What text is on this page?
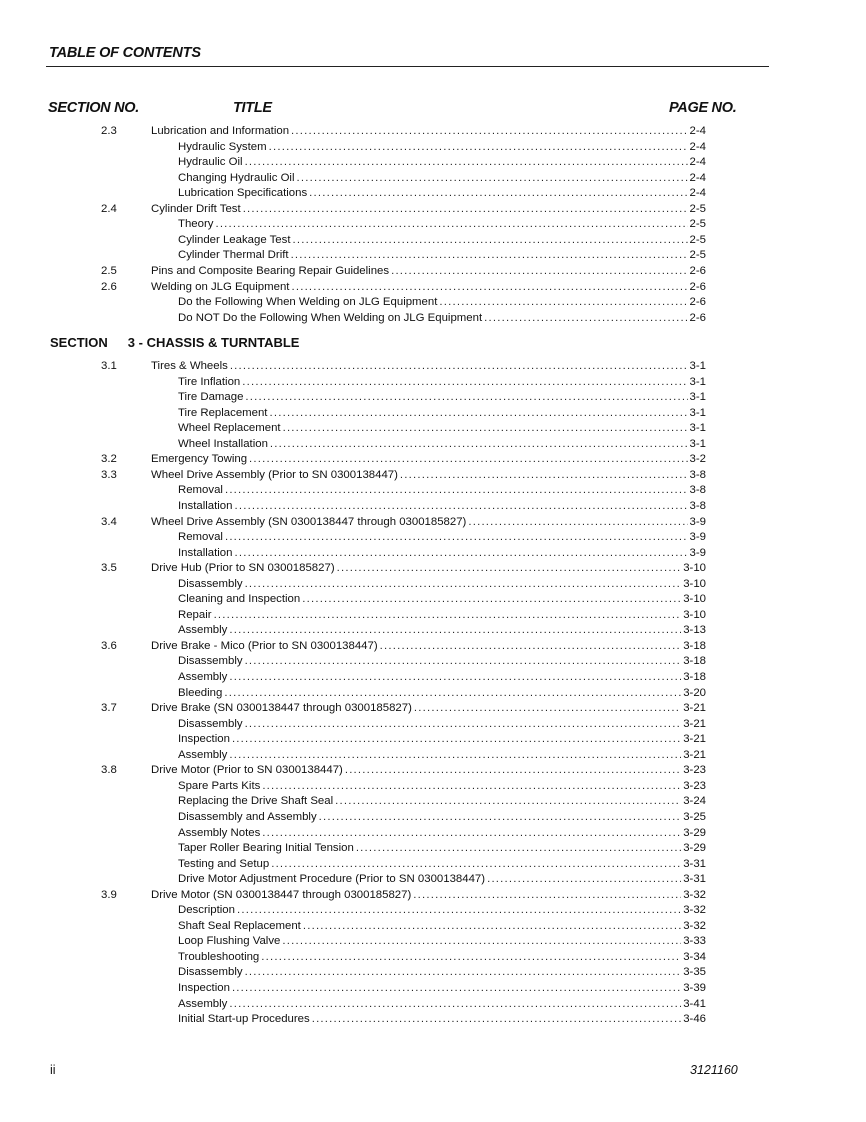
TABLE OF CONTENTS
SECTION NO.	TITLE	PAGE NO.
SECTION 3 - CHASSIS & TURNTABLE
2.3	Lubrication and Information .....	2-4
Hydraulic System .....	2-4
Hydraulic Oil .....	2-4
Changing Hydraulic Oil .....	2-4
Lubrication Specifications .....	2-4
2.4	Cylinder Drift Test .....	2-5
Theory .....	2-5
Cylinder Leakage Test .....	2-5
Cylinder Thermal Drift .....	2-5
2.5	Pins and Composite Bearing Repair Guidelines .....	2-6
2.6	Welding on JLG Equipment .....	2-6
Do the Following When Welding on JLG Equipment .....	2-6
Do NOT Do the Following When Welding on JLG Equipment .....	2-6
3.1	Tires & Wheels .....	3-1
Tire Inflation .....	3-1
Tire Damage .....	3-1
Tire Replacement .....	3-1
Wheel Replacement .....	3-1
Wheel Installation .....	3-1
3.2	Emergency Towing .....	3-2
3.3	Wheel Drive Assembly (Prior to SN 0300138447) .....	3-8
Removal .....	3-8
Installation .....	3-8
3.4	Wheel Drive Assembly (SN 0300138447 through 0300185827) .....	3-9
Removal .....	3-9
Installation .....	3-9
3.5	Drive Hub (Prior to SN 0300185827) .....	3-10
Disassembly .....	3-10
Cleaning and Inspection .....	3-10
Repair .....	3-10
Assembly .....	3-13
3.6	Drive Brake - Mico (Prior to SN 0300138447) .....	3-18
Disassembly .....	3-18
Assembly .....	3-18
Bleeding .....	3-20
3.7	Drive Brake (SN 0300138447 through 0300185827) .....	3-21
Disassembly .....	3-21
Inspection .....	3-21
Assembly .....	3-21
3.8	Drive Motor (Prior to SN 0300138447) .....	3-23
Spare Parts Kits .....	3-23
Replacing the Drive Shaft Seal .....	3-24
Disassembly and Assembly .....	3-25
Assembly Notes .....	3-29
Taper Roller Bearing Initial Tension .....	3-29
Testing and Setup .....	3-31
Drive Motor Adjustment Procedure (Prior to SN 0300138447) .....	3-31
3.9	Drive Motor (SN 0300138447 through 0300185827) .....	3-32
Description .....	3-32
Shaft Seal Replacement .....	3-32
Loop Flushing Valve .....	3-33
Troubleshooting .....	3-34
Disassembly .....	3-35
Inspection .....	3-39
Assembly .....	3-41
Initial Start-up Procedures .....	3-46
ii	3121160
